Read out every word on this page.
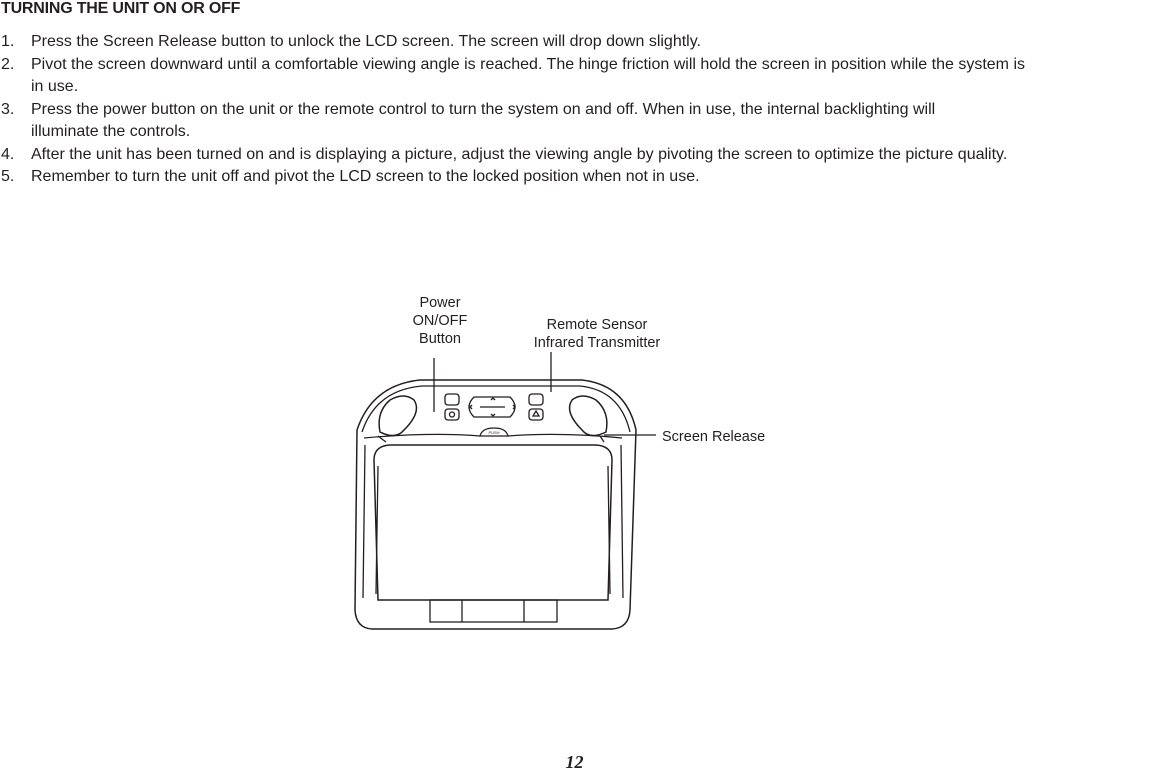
TURNING THE UNIT ON OR OFF
1. Press the Screen Release button to unlock the LCD screen. The screen will drop down slightly.
2. Pivot the screen downward until a comfortable viewing angle is reached. The hinge friction will hold the screen in position while the system is
in use.
3. Press the power button on the unit or the remote control to turn the system on and off. When in use, the internal backlighting will
illuminate the controls.
4. After the unit has been turned on and is displaying a picture, adjust the viewing angle by pivoting the screen to optimize the picture quality.
5. Remember to turn the unit off and pivot the LCD screen to the locked position when not in use.
Power
ON/OFF
Button
Remote Sensor
Infrared Transmitter
Screen Release
PUSH
12
